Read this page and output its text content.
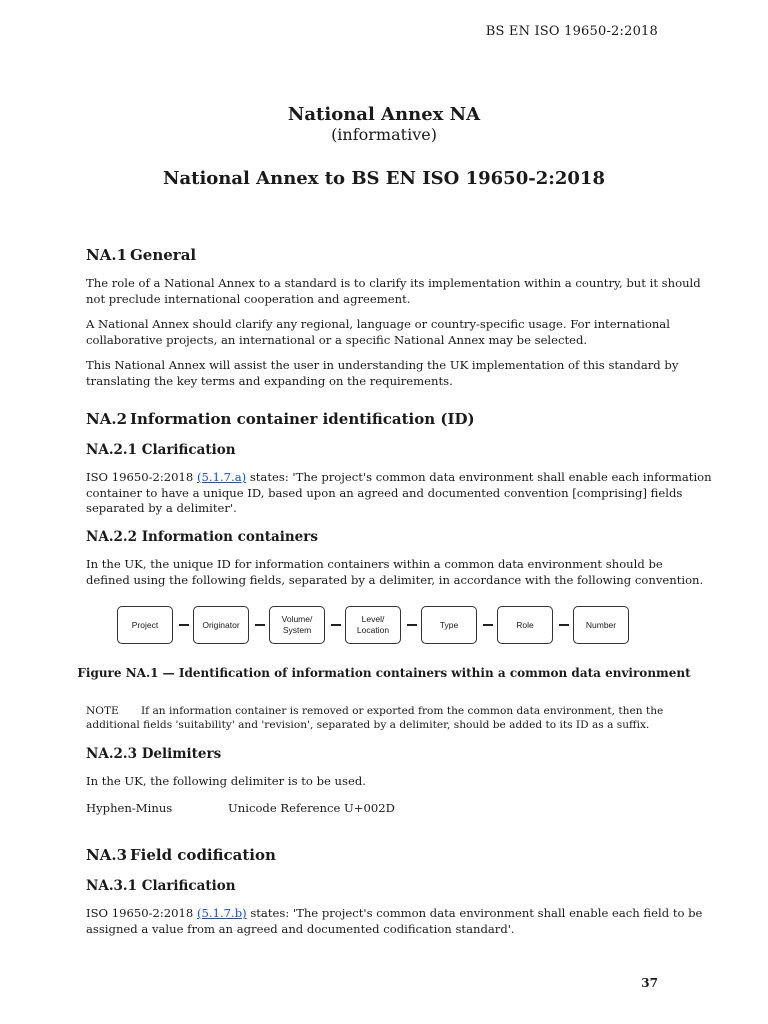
BS EN ISO 19650-2:2018
National Annex NA
(informative)
National Annex to BS EN ISO 19650-2:2018
NA.1 General
The role of a National Annex to a standard is to clarify its implementation within a country, but it should
not preclude international cooperation and agreement.
A National Annex should clarify any regional, language or country-specific usage. For international
collaborative projects, an international or a specific National Annex may be selected.
This National Annex will assist the user in understanding the UK implementation of this standard by
translating the key terms and expanding on the requirements.
NA.2 Information container identification (ID)
NA.2.1 Clarification
ISO 19650-2:2018 (5.1.7.a) states: 'The project's common data environment shall enable each information
container to have a unique ID, based upon an agreed and documented convention [comprising] fields
separated by a delimiter'.
NA.2.2 Information containers
In the UK, the unique ID for information containers within a common data environment should be
defined using the following fields, separated by a delimiter, in accordance with the following convention.
Project	Originator
Volume/
System
Level/
Location
Type	Role	Number
Figure NA.1 — Identification of information containers within a common data environment
NOTE If an information container is removed or exported from the common data environment, then the
additional fields 'suitability' and 'revision', separated by a delimiter, should be added to its ID as a suffix.
NA.2.3 Delimiters
In the UK, the following delimiter is to be used.
Hyphen-Minus	Unicode Reference U+002D
NA.3 Field codification
NA.3.1 Clarification
ISO 19650-2:2018 (5.1.7.b) states: 'The project's common data environment shall enable each field to be
assigned a value from an agreed and documented codification standard'.
37
